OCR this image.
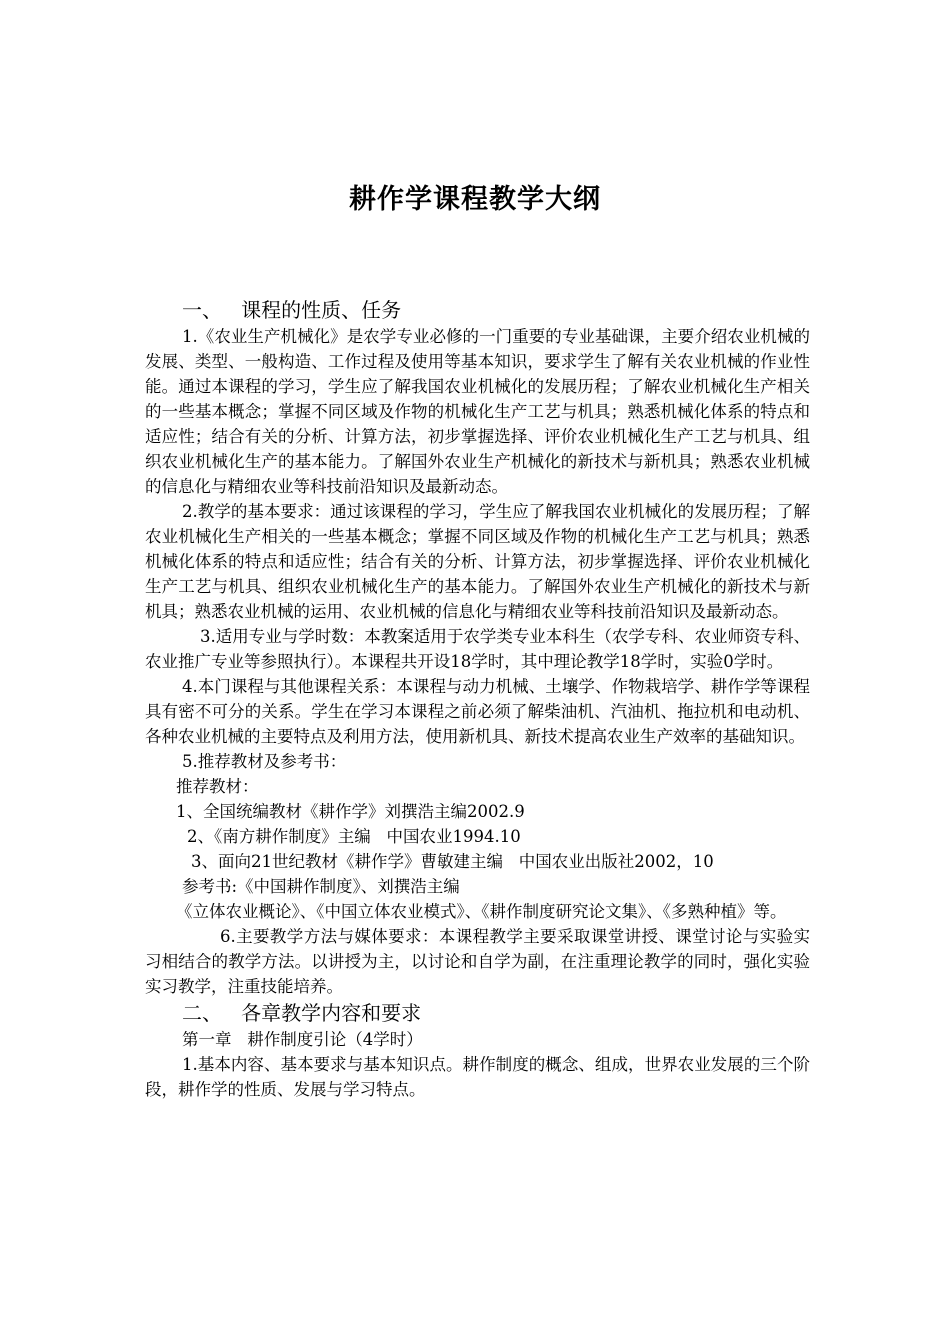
耕作学课程教学大纲
一、   课程的性质、任务

1.《农业生产机械化》是农学专业必修的一门重要的专业基础课，主要介绍农业机械的发展、类型、一般构造、工作过程及使用等基本知识，要求学生了解有关农业机械的作业性能。通过本课程的学习，学生应了解我国农业机械化的发展历程；了解农业机械化生产相关的一些基本概念；掌握不同区域及作物的机械化生产工艺与机具；熟悉机械化体系的特点和适应性；结合有关的分析、计算方法，初步掌握选择、评价农业机械化生产工艺与机具、组织农业机械化生产的基本能力。了解国外农业生产机械化的新技术与新机具；熟悉农业机械的信息化与精细农业等科技前沿知识及最新动态。

2.教学的基本要求：通过该课程的学习，学生应了解我国农业机械化的发展历程；了解农业机械化生产相关的一些基本概念；掌握不同区域及作物的机械化生产工艺与机具；熟悉机械化体系的特点和适应性；结合有关的分析、计算方法，初步掌握选择、评价农业机械化生产工艺与机具、组织农业机械化生产的基本能力。了解国外农业生产机械化的新技术与新机具；熟悉农业机械的运用、农业机械的信息化与精细农业等科技前沿知识及最新动态。

3.适用专业与学时数：本教案适用于农学类专业本科生（农学专科、农业师资专科、农业推广专业等参照执行）。本课程共开设18学时，其中理论教学18学时，实验0学时。

4.本门课程与其他课程关系：本课程与动力机械、土壤学、作物栽培学、耕作学等课程具有密不可分的关系。学生在学习本课程之前必须了解柴油机、汽油机、拖拉机和电动机、各种农业机械的主要特点及利用方法，使用新机具、新技术提高农业生产效率的基础知识。

5.推荐教材及参考书：

推荐教材：

1、全国统编教材《耕作学》刘撰浩主编2002.9

2、《南方耕作制度》主编   中国农业1994.10

3、面向21世纪教材《耕作学》曹敏建主编   中国农业出版社2002，10

参考书:《中国耕作制度》、刘撰浩主编

《立体农业概论》、《中国立体农业模式》、《耕作制度研究论文集》、《多熟种植》等。

6.主要教学方法与媒体要求：本课程教学主要采取课堂讲授、课堂讨论与实验实习相结合的教学方法。以讲授为主，以讨论和自学为副，在注重理论教学的同时，强化实验实习教学，注重技能培养。

二、   各章教学内容和要求

第一章   耕作制度引论（4学时）

1.基本内容、基本要求与基本知识点。耕作制度的概念、组成，世界农业发展的三个阶段，耕作学的性质、发展与学习特点。
